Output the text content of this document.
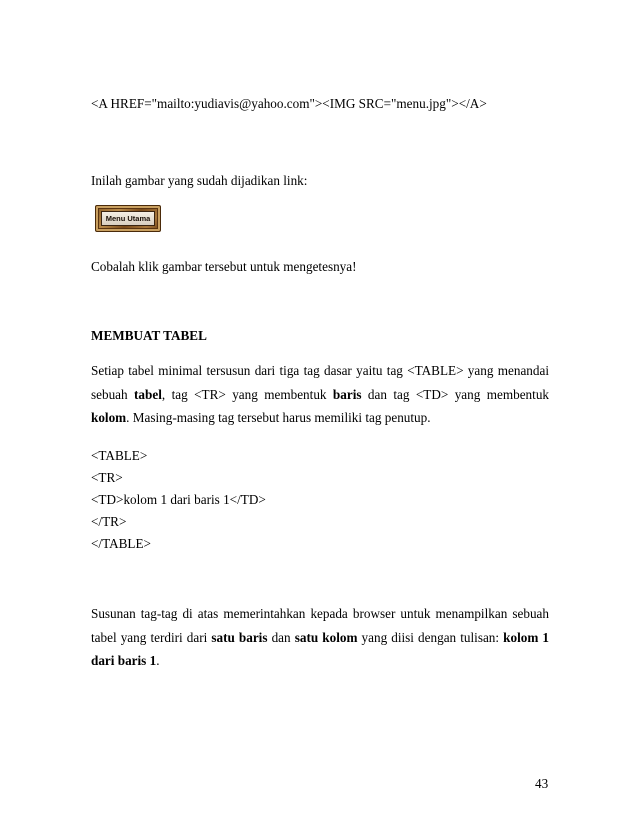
<A HREF="mailto:yudiavis@yahoo.com"><IMG SRC="menu.jpg"></A>
Inilah gambar yang sudah dijadikan link:
Menu Utama
Cobalah klik gambar tersebut untuk mengetesnya!
MEMBUAT TABEL

Setiap tabel minimal tersusun dari tiga tag dasar yaitu tag <TABLE> yang menandai sebuah tabel, tag <TR> yang membentuk baris dan tag <TD> yang membentuk kolom. Masing-masing tag tersebut harus memiliki tag penutup.

<TABLE>
<TR>
<TD>kolom 1 dari baris 1</TD>
</TR>
</TABLE>

Susunan tag-tag di atas memerintahkan kepada browser untuk menampilkan sebuah tabel yang terdiri dari satu baris dan satu kolom yang diisi dengan tulisan: kolom 1 dari baris 1.

43
